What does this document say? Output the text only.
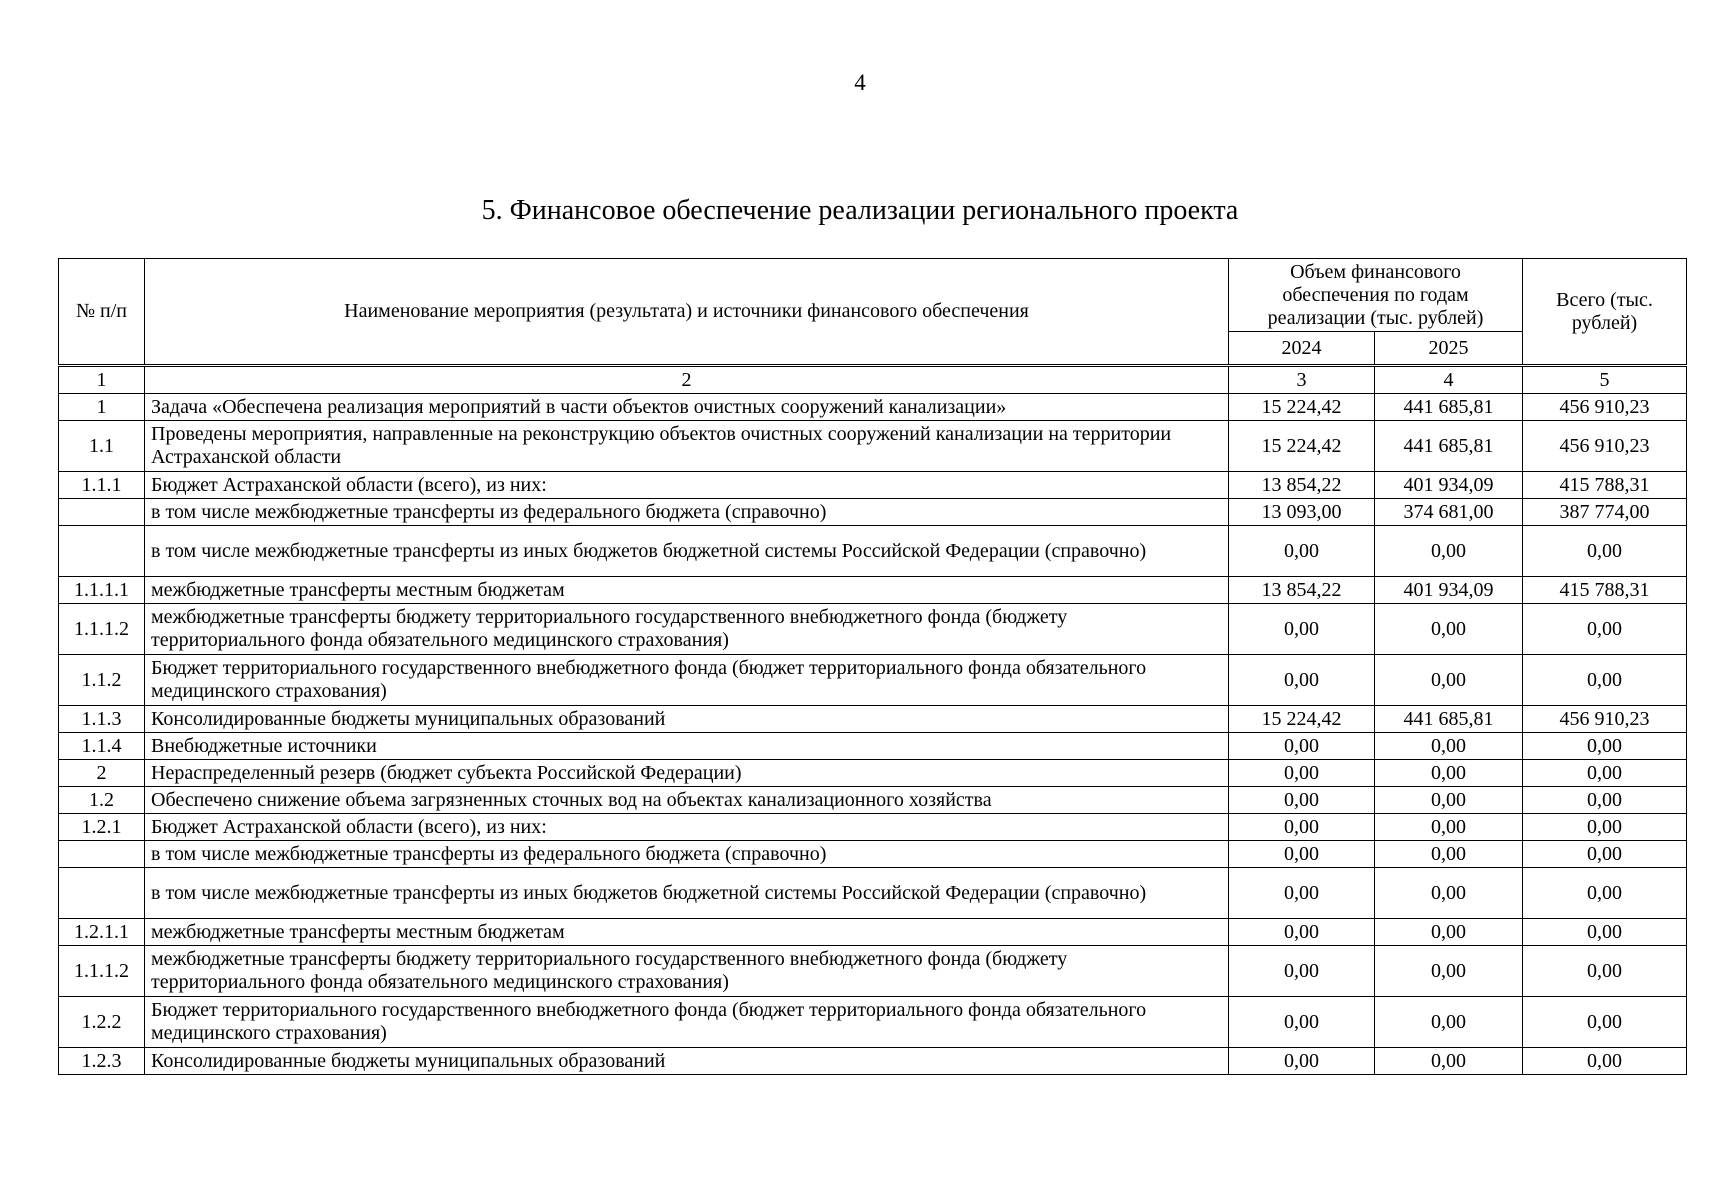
4
5. Финансовое обеспечение реализации регионального проекта
№ п/п	Наименование мероприятия (результата) и источники финансового обеспечения	Объем финансового обеспечения по годам реализации (тыс. рублей)		Всего (тыс. рублей)
		2024	2025	
1	2	3	4	5
1	Задача «Обеспечена реализация мероприятий в части объектов очистных сооружений канализации»	15 224,42	441 685,81	456 910,23
1.1	Проведены мероприятия, направленные на реконструкцию объектов очистных сооружений канализации на территории Астраханской области	15 224,42	441 685,81	456 910,23
1.1.1	Бюджет Астраханской области (всего), из них:	13 854,22	401 934,09	415 788,31
	в том числе межбюджетные трансферты из федерального бюджета (справочно)	13 093,00	374 681,00	387 774,00
	в том числе межбюджетные трансферты из иных бюджетов бюджетной системы Российской Федерации (справочно)	0,00	0,00	0,00
1.1.1.1	межбюджетные трансферты местным бюджетам	13 854,22	401 934,09	415 788,31
1.1.1.2	межбюджетные трансферты бюджету территориального государственного внебюджетного фонда (бюджету территориального фонда обязательного медицинского страхования)	0,00	0,00	0,00
1.1.2	Бюджет территориального государственного внебюджетного фонда (бюджет территориального фонда обязательного медицинского страхования)	0,00	0,00	0,00
1.1.3	Консолидированные бюджеты муниципальных образований	15 224,42	441 685,81	456 910,23
1.1.4	Внебюджетные источники	0,00	0,00	0,00
2	Нераспределенный резерв (бюджет субъекта Российской Федерации)	0,00	0,00	0,00
1.2	Обеспечено снижение объема загрязненных сточных вод на объектах канализационного хозяйства	0,00	0,00	0,00
1.2.1	Бюджет Астраханской области (всего), из них:	0,00	0,00	0,00
	в том числе межбюджетные трансферты из федерального бюджета (справочно)	0,00	0,00	0,00
	в том числе межбюджетные трансферты из иных бюджетов бюджетной системы Российской Федерации (справочно)	0,00	0,00	0,00
1.2.1.1	межбюджетные трансферты местным бюджетам	0,00	0,00	0,00
1.1.1.2	межбюджетные трансферты бюджету территориального государственного внебюджетного фонда (бюджету территориального фонда обязательного медицинского страхования)	0,00	0,00	0,00
1.2.2	Бюджет территориального государственного внебюджетного фонда (бюджет территориального фонда обязательного медицинского страхования)	0,00	0,00	0,00
1.2.3	Консолидированные бюджеты муниципальных образований	0,00	0,00	0,00
